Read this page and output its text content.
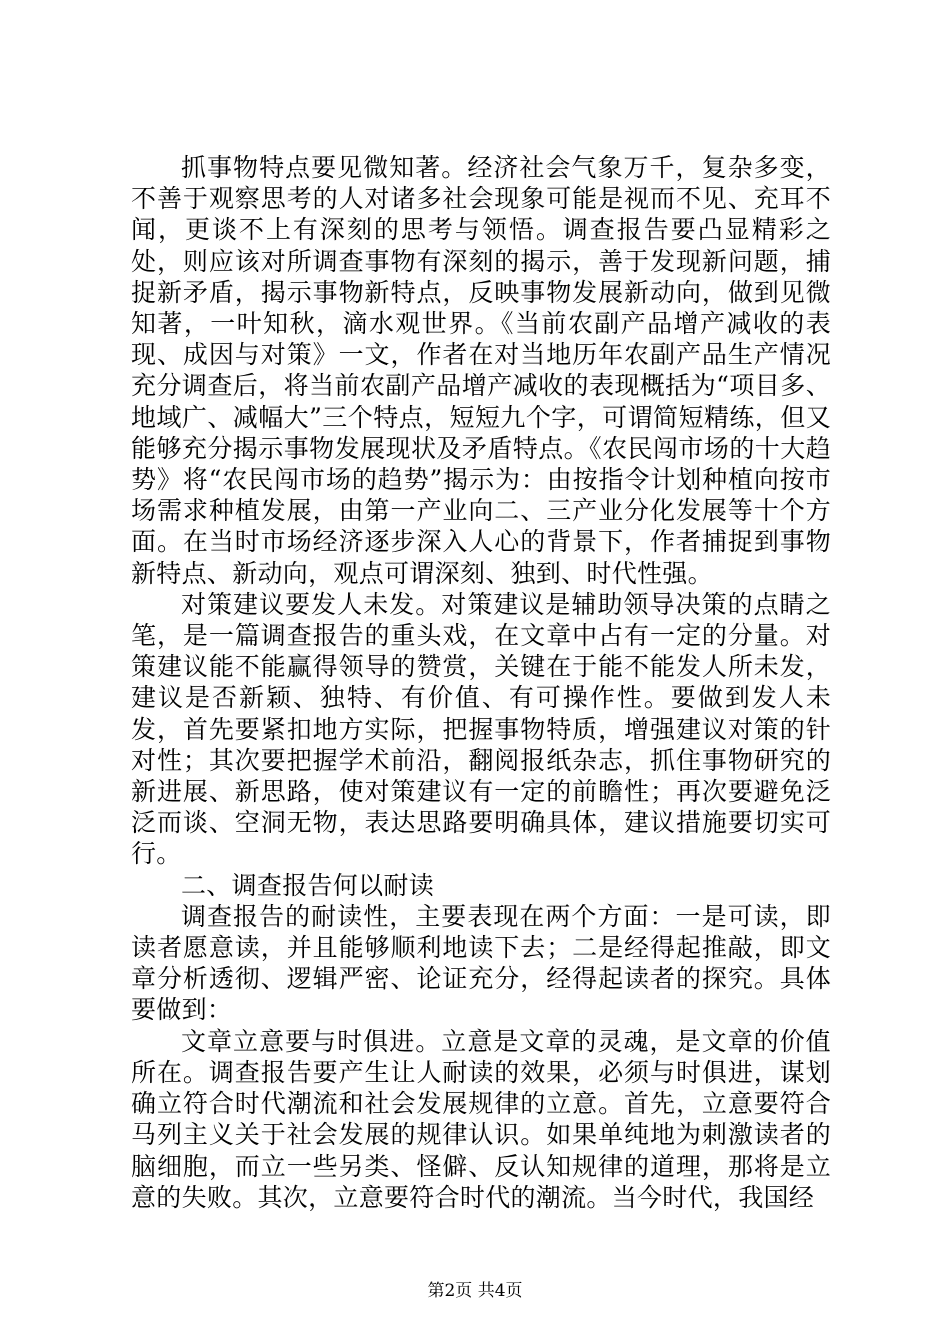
抓事物特点要见微知著。经济社会气象万千，复杂多变，不善于观察思考的人对诸多社会现象可能是视而不见、充耳不闻，更谈不上有深刻的思考与领悟。调查报告要凸显精彩之处，则应该对所调查事物有深刻的揭示，善于发现新问题，捕捉新矛盾，揭示事物新特点，反映事物发展新动向，做到见微知著，一叶知秋，滴水观世界。《当前农副产品增产减收的表现、成因与对策》一文，作者在对当地历年农副产品生产情况充分调查后，将当前农副产品增产减收的表现概括为“项目多、地域广、减幅大”三个特点，短短九个字，可谓简短精练，但又能够充分揭示事物发展现状及矛盾特点。《农民闯市场的十大趋势》将“农民闯市场的趋势”揭示为：由按指令计划种植向按市场需求种植发展，由第一产业向二、三产业分化发展等十个方面。在当时市场经济逐步深入人心的背景下，作者捕捉到事物新特点、新动向，观点可谓深刻、独到、时代性强。

对策建议要发人未发。对策建议是辅助领导决策的点睛之笔，是一篇调查报告的重头戏，在文章中占有一定的分量。对策建议能不能赢得领导的赞赏，关键在于能不能发人所未发，建议是否新颖、独特、有价值、有可操作性。要做到发人未发，首先要紧扣地方实际，把握事物特质，增强建议对策的针对性；其次要把握学术前沿，翻阅报纸杂志，抓住事物研究的新进展、新思路，使对策建议有一定的前瞻性；再次要避免泛泛而谈、空洞无物，表达思路要明确具体，建议措施要切实可行。

二、调查报告何以耐读

调查报告的耐读性，主要表现在两个方面：一是可读，即读者愿意读，并且能够顺利地读下去；二是经得起推敲，即文章分析透彻、逻辑严密、论证充分，经得起读者的探究。具体要做到：

文章立意要与时俱进。立意是文章的灵魂，是文章的价值所在。调查报告要产生让人耐读的效果，必须与时俱进，谋划确立符合时代潮流和社会发展规律的立意。首先，立意要符合马列主义关于社会发展的规律认识。如果单纯地为刺激读者的脑细胞，而立一些另类、怪僻、反认知规律的道理，那将是立意的失败。其次，立意要符合时代的潮流。当今时代，我国经

第2页 共4页
